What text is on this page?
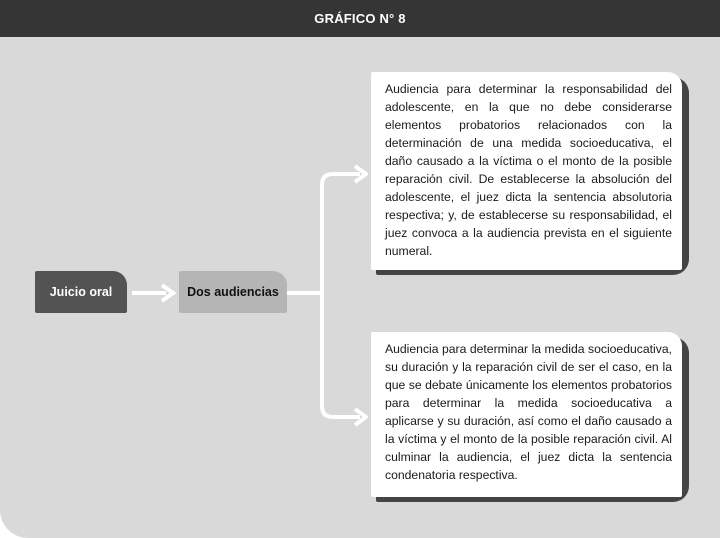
GRÁFICO N° 8
Juicio oral	Dos audiencias
Audiencia para determinar la responsabilidad del adolescente, en la que no debe considerarse elementos probatorios relacionados con la determinación de una medida socioeducativa, el daño causado a la víctima o el monto de la posible reparación civil. De establecerse la absolución del adolescente, el juez dicta la sentencia absolutoria respectiva; y, de establecerse su responsabilidad, el juez convoca a la audiencia prevista en el siguiente numeral.
Audiencia para determinar la medida socioeducativa, su duración y la reparación civil de ser el caso, en la que se debate únicamente los elementos probatorios para determinar la medida socioeducativa a aplicarse y su duración, así como el daño causado a la víctima y el monto de la posible reparación civil. Al culminar la audiencia, el juez dicta la sentencia condenatoria respectiva.
